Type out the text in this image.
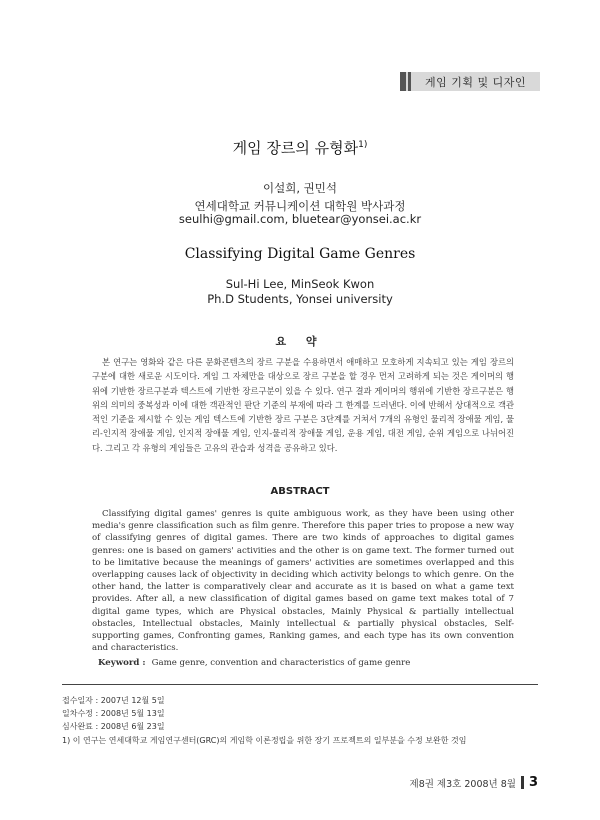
게임 기획 및 디자인
게임 장르의 유형화$^{1)}$
이설희, 권민석
연세대학교 커뮤니케이션 대학원 박사과정
seulhi@gmail.com, bluetear@yonsei.ac.kr
Classifying Digital Game Genres
Sul-Hi Lee, MinSeok Kwon
Ph.D Students, Yonsei university
요 약
본 연구는 영화와 같은 다른 문화콘텐츠의 장르 구분을 수용하면서 애매하고 모호하게 지속되고 있는 게임 장르의 구분에 대한 새로운 시도이다. 게임 그 자체만을 대상으로 장르 구분을 할 경우 먼저 고려하게 되는 것은 게이머의 행위에 기반한 장르구분과 텍스트에 기반한 장르구분이 있을 수 있다. 연구 결과 게이머의 행위에 기반한 장르구분은 행위의 의미의 중복성과 이에 대한 객관적인 판단 기준의 부재에 따라 그 한계를 드러낸다. 이에 반해서 상대적으로 객관적인 기준을 제시할 수 있는 게임 텍스트에 기반한 장르 구분은 3단계를 거쳐서 7개의 유형인 물리적 장애물 게임, 물리-인지적 장애물 게임, 인지적 장애물 게임, 인지-물리적 장애물 게임, 운용 게임, 대전 게임, 순위 게임으로 나뉘어진다. 그리고 각 유형의 게임들은 고유의 관습과 성격을 공유하고 있다.
ABSTRACT
Classifying digital games' genres is quite ambiguous work, as they have been using other media's genre classification such as film genre. Therefore this paper tries to propose a new way of classifying genres of digital games. There are two kinds of approaches to digital games genres: one is based on gamers' activities and the other is on game text. The former turned out to be limitative because the meanings of gamers' activities are sometimes overlapped and this overlapping causes lack of objectivity in deciding which activity belongs to which genre. On the other hand, the latter is comparatively clear and accurate as it is based on what a game text provides. After all, a new classification of digital games based on game text makes total of 7 digital game types, which are Physical obstacles, Mainly Physical & partially intellectual obstacles, Intellectual obstacles, Mainly intellectual & partially physical obstacles, Self-supporting games, Confronting games, Ranking games, and each type has its own convention and characteristics.
Keyword : Game genre, convention and characteristics of game genre
접수일자 : 2007년 12월 5일
일차수정 : 2008년 5월 13일
심사완료 : 2008년 6월 23일
1) 이 연구는 연세대학교 게임연구센터(GRC)의 게임학 이론정립을 위한 장기 프로젝트의 일부분을 수정 보완한 것임
제8권 제3호 2008년 8월 3
